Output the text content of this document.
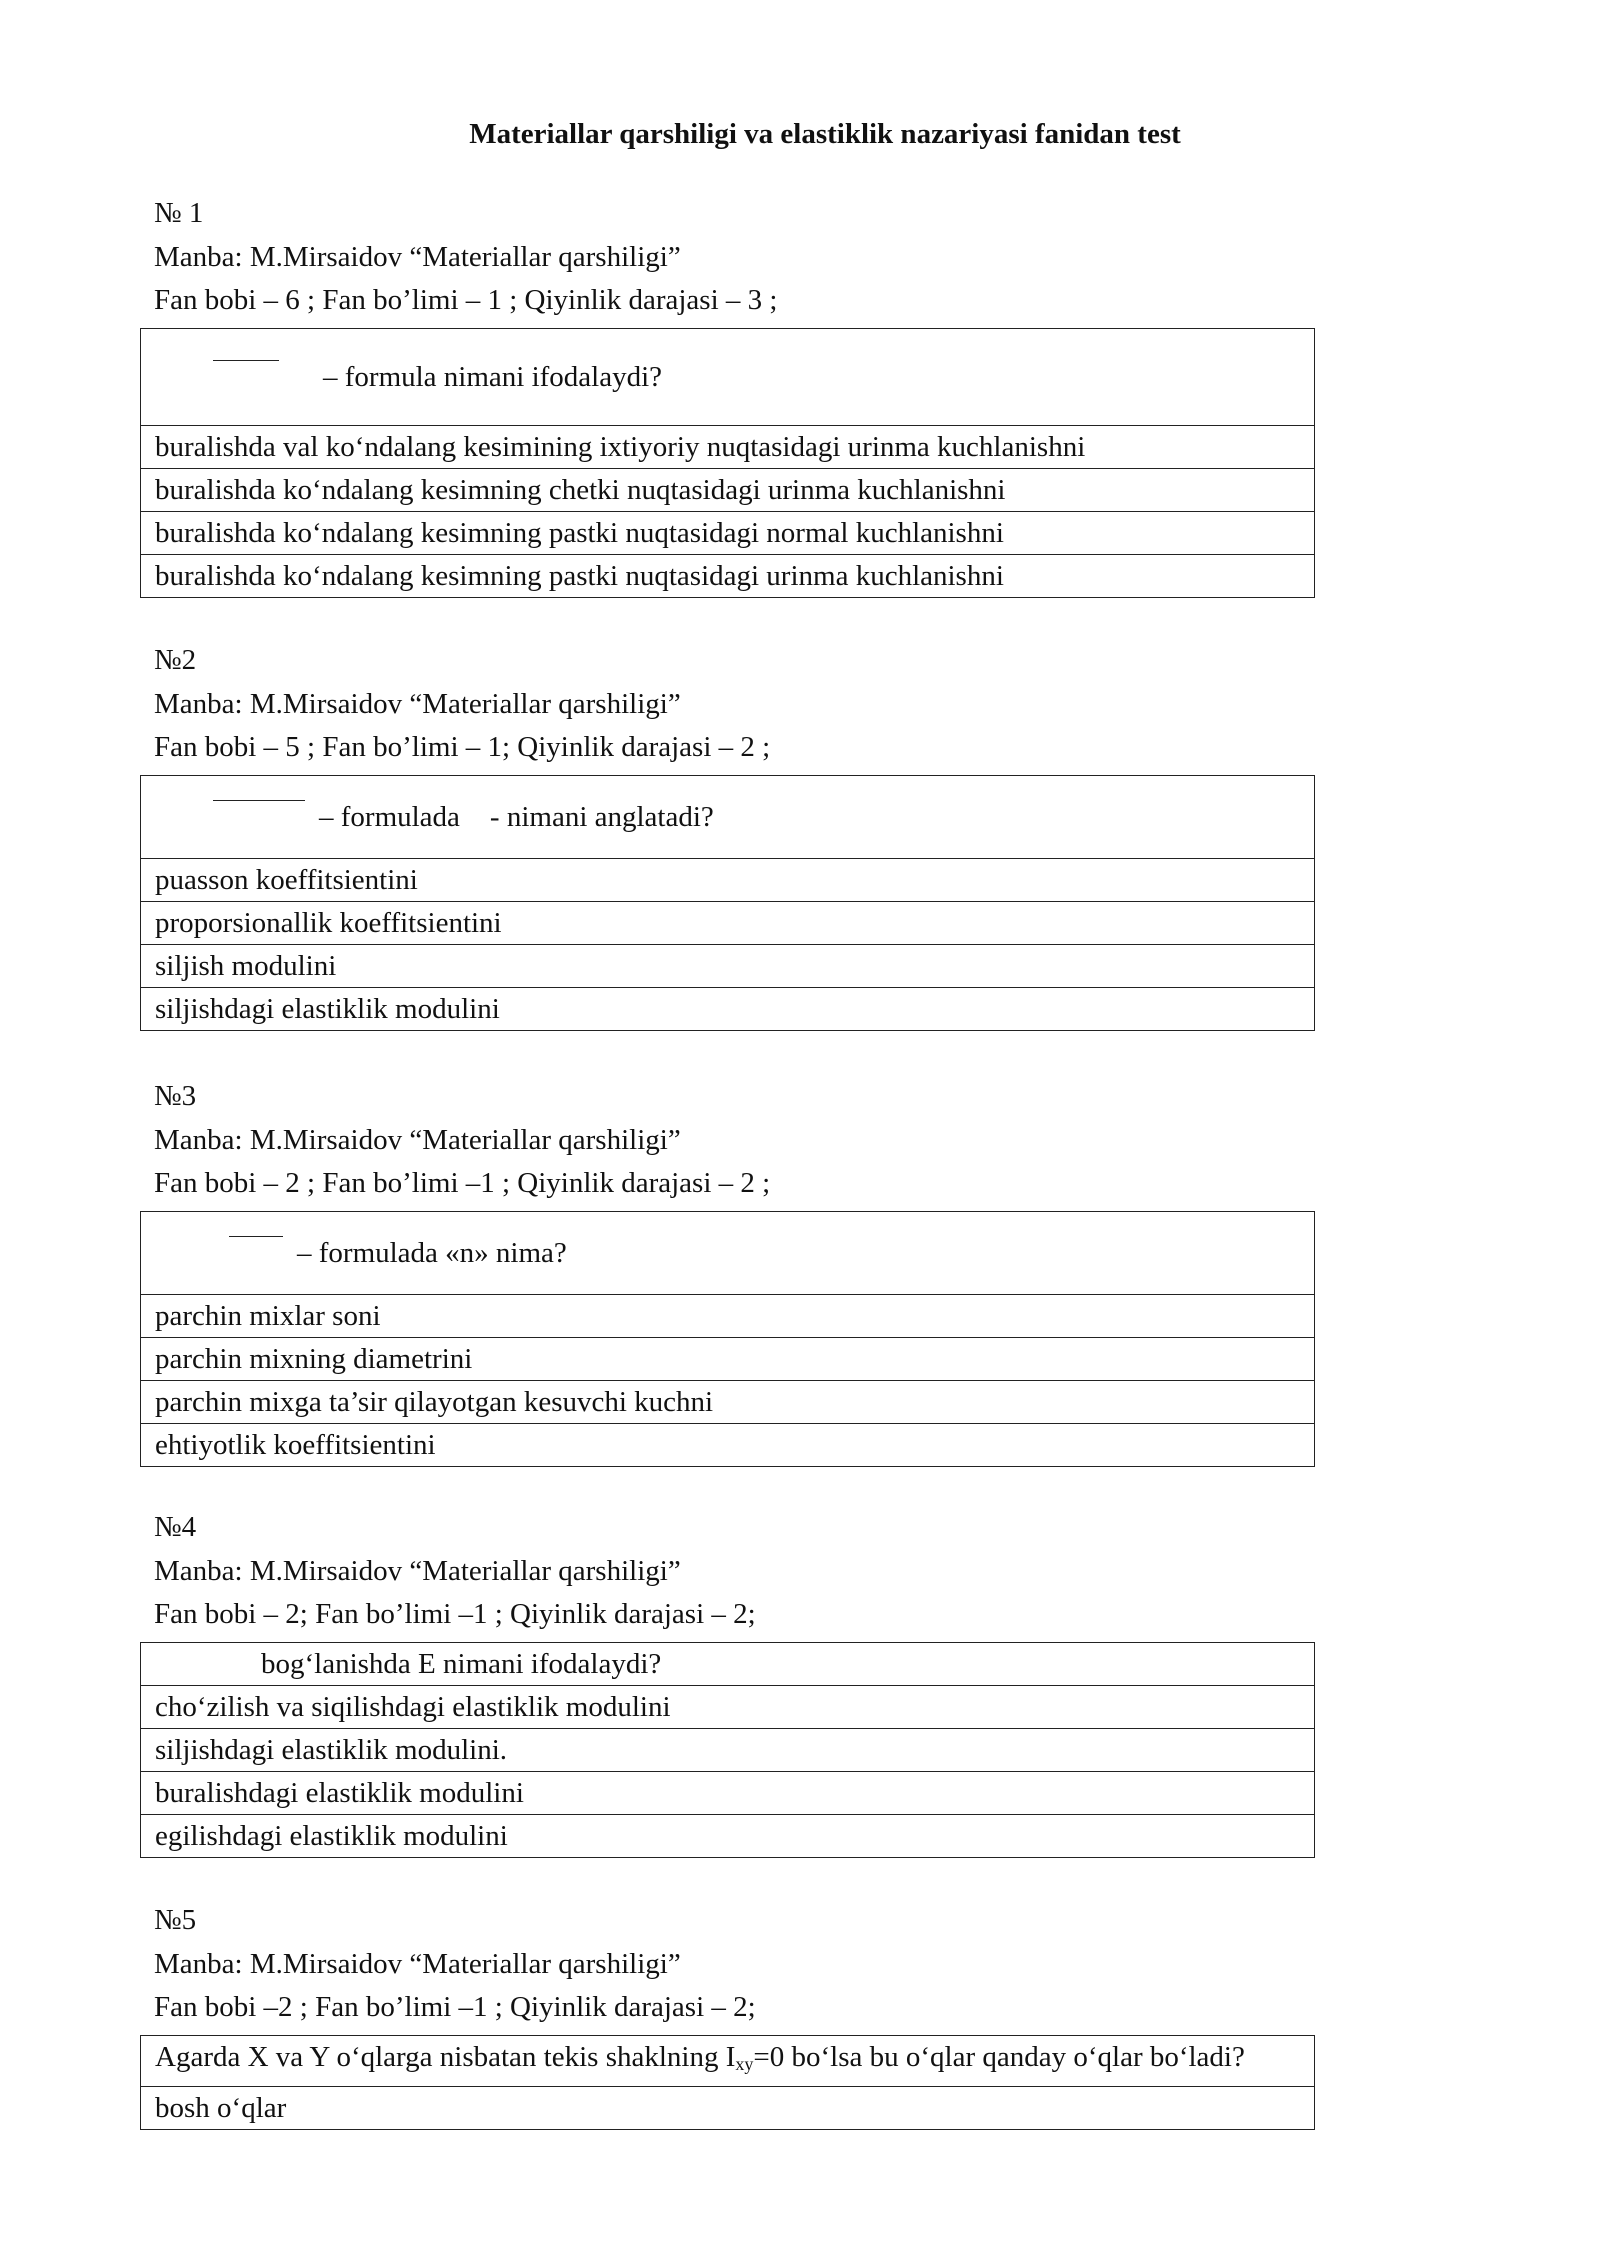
Materiallar qarshiligi va elastiklik nazariyasi fanidan test
№ 1
Manba: M.Mirsaidov “Materiallar qarshiligi”
Fan bobi – 6 ; Fan bo’limi – 1 ; Qiyinlik darajasi – 3 ;
– formula nimani ifodalaydi?
buralishda val ko‘ndalang kesimining ixtiyoriy nuqtasidagi urinma kuchlanishni
buralishda ko‘ndalang kesimning chetki nuqtasidagi urinma kuchlanishni
buralishda ko‘ndalang kesimning pastki nuqtasidagi normal kuchlanishni
buralishda ko‘ndalang kesimning pastki nuqtasidagi urinma kuchlanishni
№2
Manba: M.Mirsaidov “Materiallar qarshiligi”
Fan bobi – 5 ; Fan bo’limi – 1; Qiyinlik darajasi – 2 ;
– formulada - nimani anglatadi?
puasson koeffitsientini
proporsionallik koeffitsientini
siljish modulini
siljishdagi elastiklik modulini
№3
Manba: M.Mirsaidov “Materiallar qarshiligi”
Fan bobi – 2 ; Fan bo’limi –1 ; Qiyinlik darajasi – 2 ;
– formulada «n» nima?
parchin mixlar soni
parchin mixning diametrini
parchin mixga ta’sir qilayotgan kesuvchi kuchni
ehtiyotlik koeffitsientini
№4
Manba: M.Mirsaidov “Materiallar qarshiligi”
Fan bobi – 2; Fan bo’limi –1 ; Qiyinlik darajasi – 2;
bog‘lanishda E nimani ifodalaydi?
cho‘zilish va siqilishdagi elastiklik modulini
siljishdagi elastiklik modulini.
buralishdagi elastiklik modulini
egilishdagi elastiklik modulini
№5
Manba: M.Mirsaidov “Materiallar qarshiligi”
Fan bobi –2 ; Fan bo’limi –1 ; Qiyinlik darajasi – 2;
Agarda X va Y o‘qlarga nisbatan tekis shaklning $I_{xy}=0$ bo‘lsa bu o‘qlar qanday o‘qlar bo‘ladi?
bosh o‘qlar
